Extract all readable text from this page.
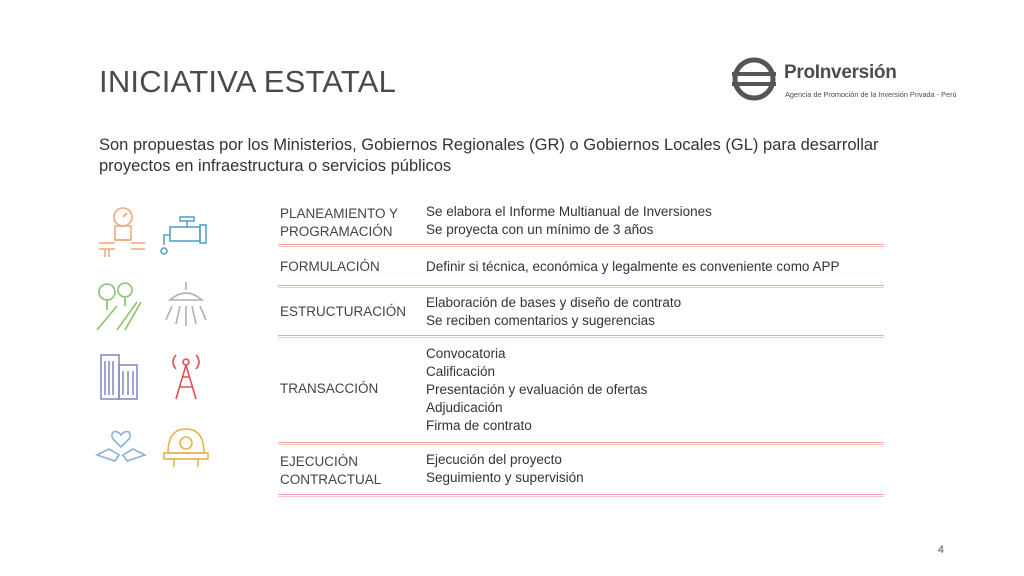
INICIATIVA ESTATAL	ProInversión
Agencia de Promoción de la Inversión Privada - Perú
Son propuestas por los Ministerios, Gobiernos Regionales (GR) o Gobiernos Locales (GL) para desarrollar proyectos en infraestructura o servicios públicos
PLANEAMIENTO Y PROGRAMACIÓN
Se elabora el Informe Multianual de Inversiones
Se proyecta con un mínimo de 3 años
FORMULACIÓN	Definir si técnica, económica y legalmente es conveniente como APP
ESTRUCTURACIÓN
Elaboración de bases y diseño de contrato
Se reciben comentarios y sugerencias
TRANSACCIÓN
Convocatoria
Calificación
Presentación y evaluación de ofertas
Adjudicación
Firma de contrato
EJECUCIÓN CONTRACTUAL
Ejecución del proyecto
Seguimiento y supervisión
4
